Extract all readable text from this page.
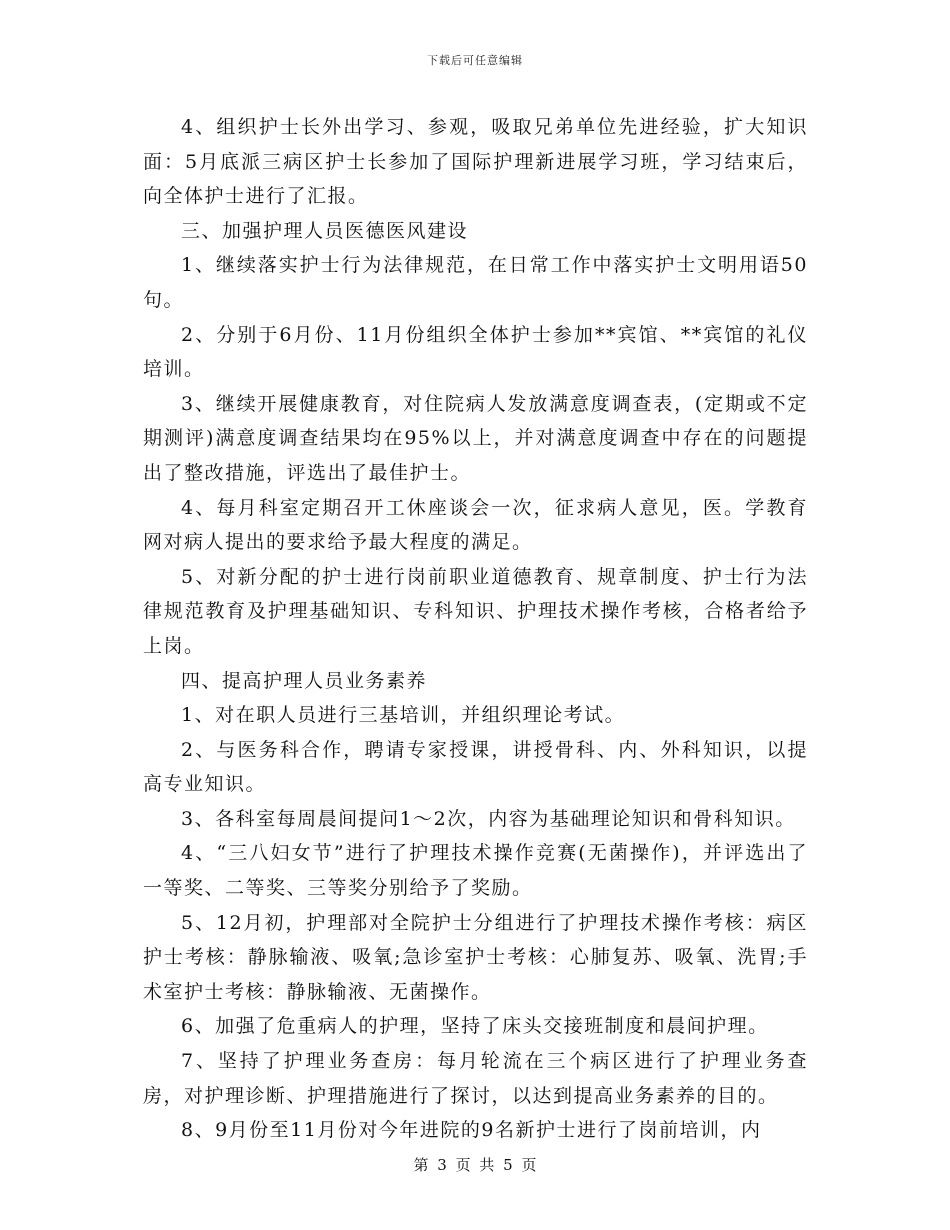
下载后可任意编辑

4、组织护士长外出学习、参观，吸取兄弟单位先进经验，扩大知识面：5月底派三病区护士长参加了国际护理新进展学习班，学习结束后，向全体护士进行了汇报。

三、加强护理人员医德医风建设

1、继续落实护士行为法律规范，在日常工作中落实护士文明用语50句。

2、分别于6月份、11月份组织全体护士参加**宾馆、**宾馆的礼仪培训。

3、继续开展健康教育，对住院病人发放满意度调查表，(定期或不定期测评)满意度调查结果均在95%以上，并对满意度调查中存在的问题提出了整改措施，评选出了最佳护士。

4、每月科室定期召开工休座谈会一次，征求病人意见，医。学教育网对病人提出的要求给予最大程度的满足。

5、对新分配的护士进行岗前职业道德教育、规章制度、护士行为法律规范教育及护理基础知识、专科知识、护理技术操作考核，合格者给予上岗。

四、提高护理人员业务素养

1、对在职人员进行三基培训，并组织理论考试。

2、与医务科合作，聘请专家授课，讲授骨科、内、外科知识，以提高专业知识。

3、各科室每周晨间提问1～2次，内容为基础理论知识和骨科知识。

4、“三八妇女节”进行了护理技术操作竞赛(无菌操作)，并评选出了一等奖、二等奖、三等奖分别给予了奖励。

5、12月初，护理部对全院护士分组进行了护理技术操作考核：病区护士考核：静脉输液、吸氧;急诊室护士考核：心肺复苏、吸氧、洗胃;手术室护士考核：静脉输液、无菌操作。

6、加强了危重病人的护理，坚持了床头交接班制度和晨间护理。

7、坚持了护理业务查房：每月轮流在三个病区进行了护理业务查房，对护理诊断、护理措施进行了探讨，以达到提高业务素养的目的。

8、9月份至11月份对今年进院的9名新护士进行了岗前培训，内

第 3 页 共 5 页
